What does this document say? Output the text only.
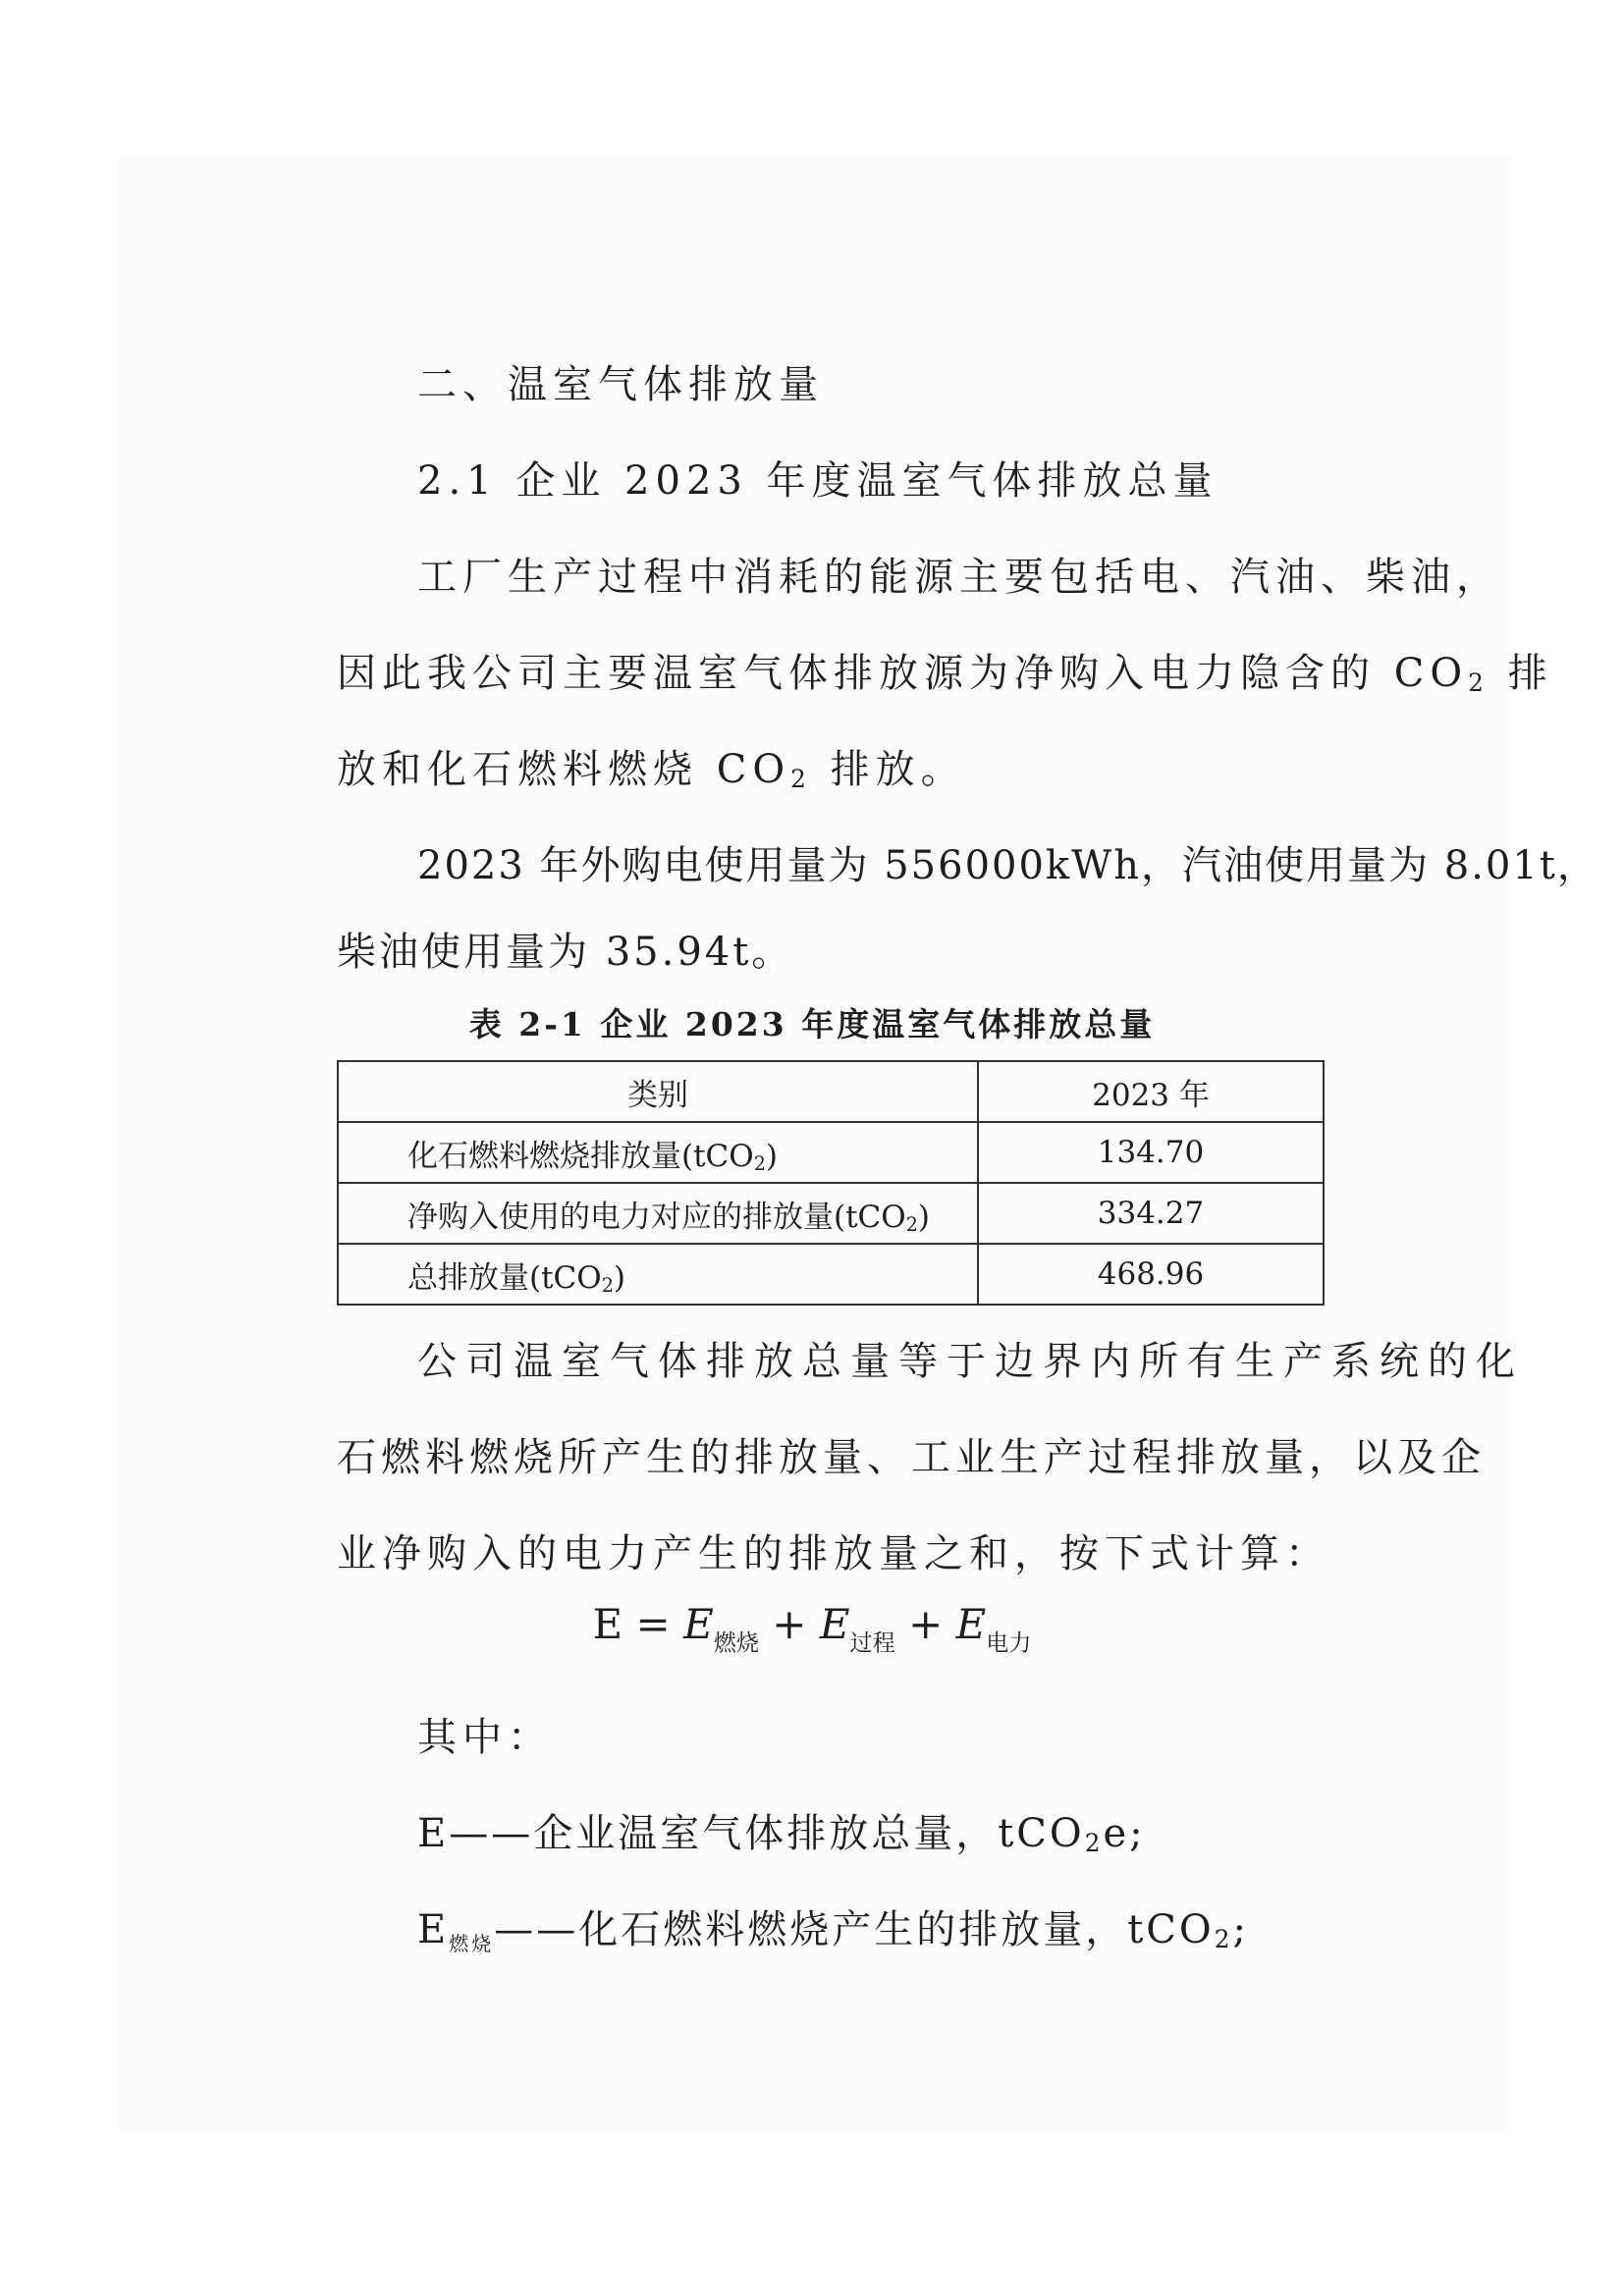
二、温室气体排放量
2.1 企业 2023 年度温室气体排放总量
工厂生产过程中消耗的能源主要包括电、汽油、柴油，
因此我公司主要温室气体排放源为净购入电力隐含的 CO2 排
放和化石燃料燃烧 CO2 排放。
2023 年外购电使用量为 556000kWh，汽油使用量为 8.01t，
柴油使用量为 35.94t。
表 2-1 企业 2023 年度温室气体排放总量
类别	2023 年
化石燃料燃烧排放量(tCO$_2$)	134.70
净购入使用的电力对应的排放量(tCO$_2$)	334.27
总排放量(tCO$_2$)	468.96
公司温室气体排放总量等于边界内所有生产系统的化
石燃料燃烧所产生的排放量、工业生产过程排放量，以及企
业净购入的电力产生的排放量之和，按下式计算：
$E = E_{燃烧} + E_{过程} + E_{电力}$
其中：
E——企业温室气体排放总量，tCO2e;
$E_{燃烧}——$化石燃料燃烧产生的排放量，tCO2;
